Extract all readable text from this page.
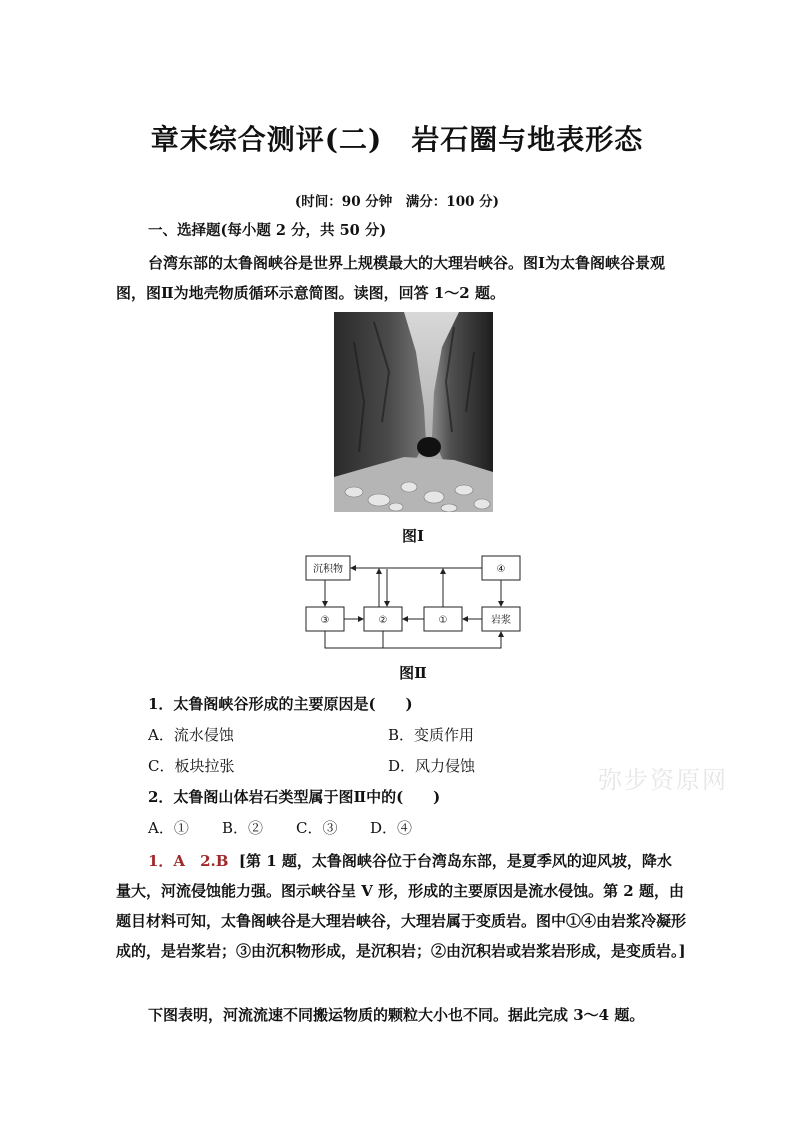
章末综合测评(二)　岩石圈与地表形态
(时间：90 分钟　满分：100 分)
一、选择题(每小题 2 分，共 50 分)
台湾东部的太鲁阁峡谷是世界上规模最大的大理岩峡谷。图Ⅰ为太鲁阁峡谷景观图，图Ⅱ为地壳物质循环示意简图。读图，回答 1～2 题。
图Ⅰ
沉积物	④
③	②	①	岩浆
图Ⅱ
1．太鲁阁峡谷形成的主要原因是(　　)
A．流水侵蚀	B．变质作用
C．板块拉张	D．风力侵蚀
2．太鲁阁山体岩石类型属于图Ⅱ中的(　　)
A．① B．② C．③ D．④
1．A　2.B [第 1 题，太鲁阁峡谷位于台湾岛东部，是夏季风的迎风坡，降水量大，河流侵蚀能力强。图示峡谷呈 V 形，形成的主要原因是流水侵蚀。第 2 题，由题目材料可知，太鲁阁峡谷是大理岩峡谷，大理岩属于变质岩。图中①④由岩浆冷凝形成的，是岩浆岩；③由沉积物形成，是沉积岩；②由沉积岩或岩浆岩形成，是变质岩。]
下图表明，河流流速不同搬运物质的颗粒大小也不同。据此完成 3～4 题。
弥步资原网
